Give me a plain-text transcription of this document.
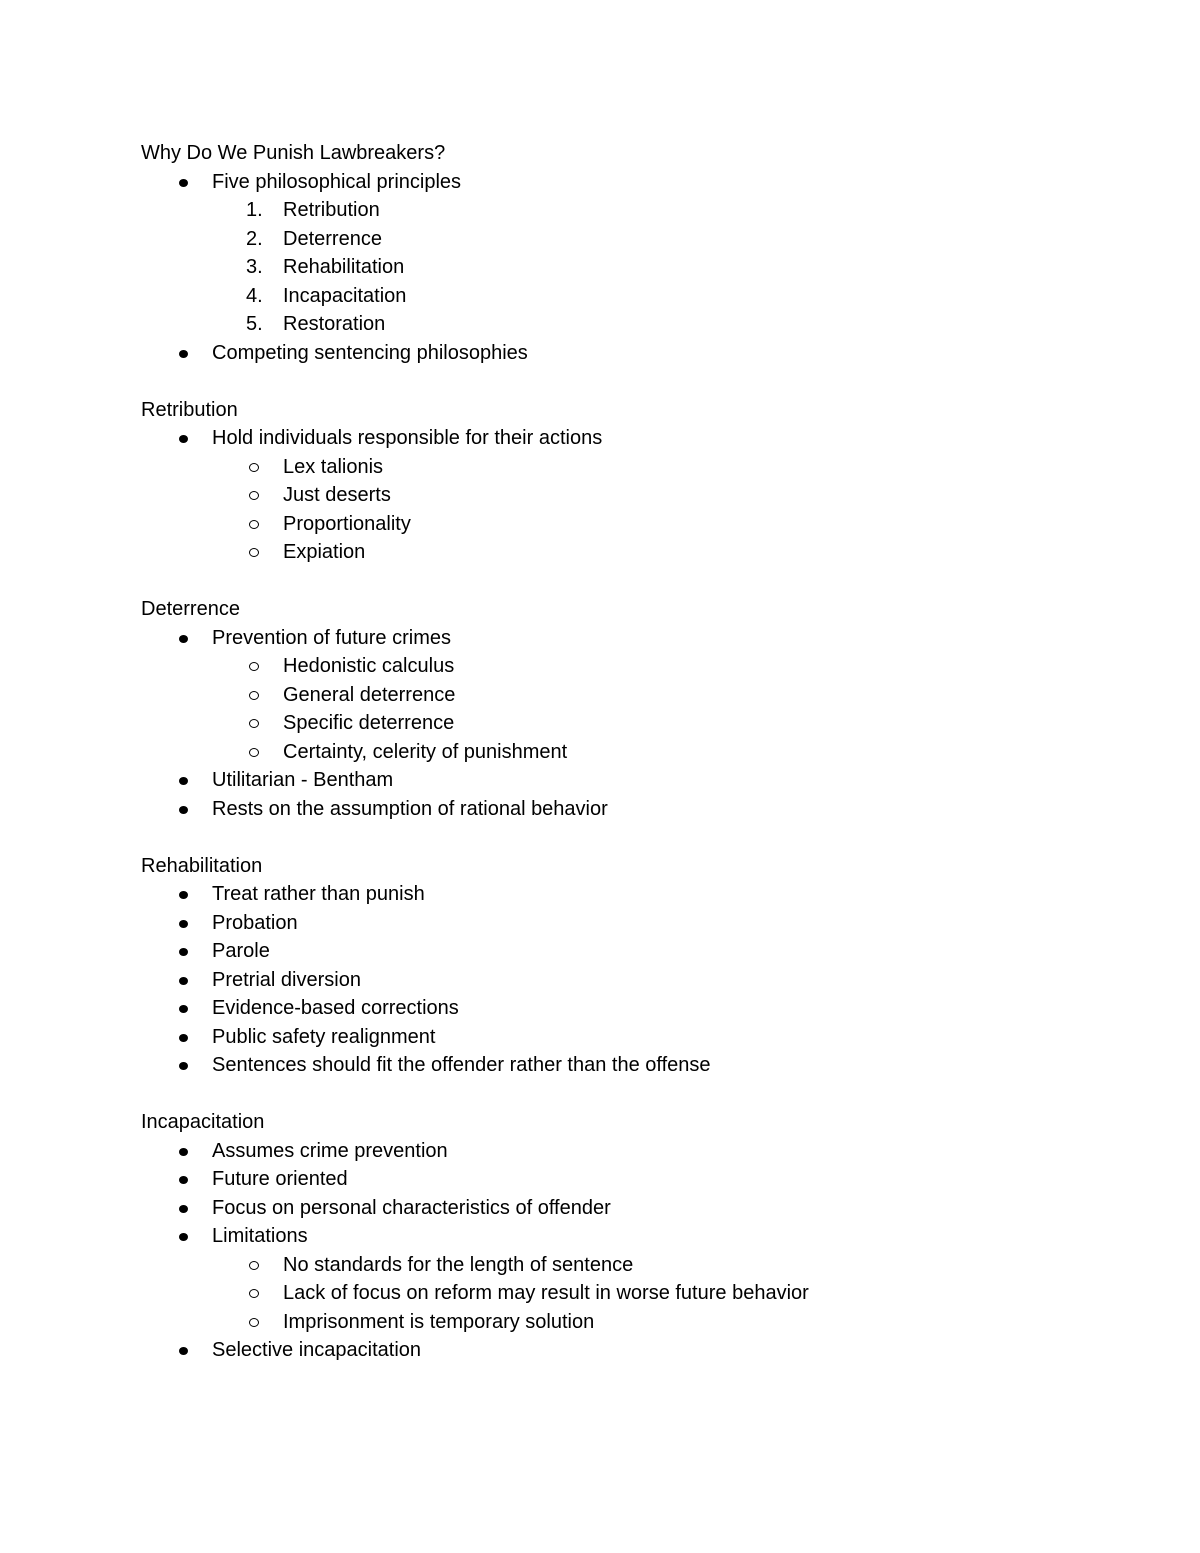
Why Do We Punish Lawbreakers?
Five philosophical principles
1.	Retribution
2.	Deterrence
3.	Rehabilitation
4.	Incapacitation
5.	Restoration
Competing sentencing philosophies
Retribution
Hold individuals responsible for their actions
Lex talionis
Just deserts
Proportionality
Expiation
Deterrence
Prevention of future crimes
Hedonistic calculus
General deterrence
Specific deterrence
Certainty, celerity of punishment
Utilitarian - Bentham
Rests on the assumption of rational behavior
Rehabilitation
Treat rather than punish
Probation
Parole
Pretrial diversion
Evidence-based corrections
Public safety realignment
Sentences should fit the offender rather than the offense
Incapacitation
Assumes crime prevention
Future oriented
Focus on personal characteristics of offender
Limitations
No standards for the length of sentence
Lack of focus on reform may result in worse future behavior
Imprisonment is temporary solution
Selective incapacitation
